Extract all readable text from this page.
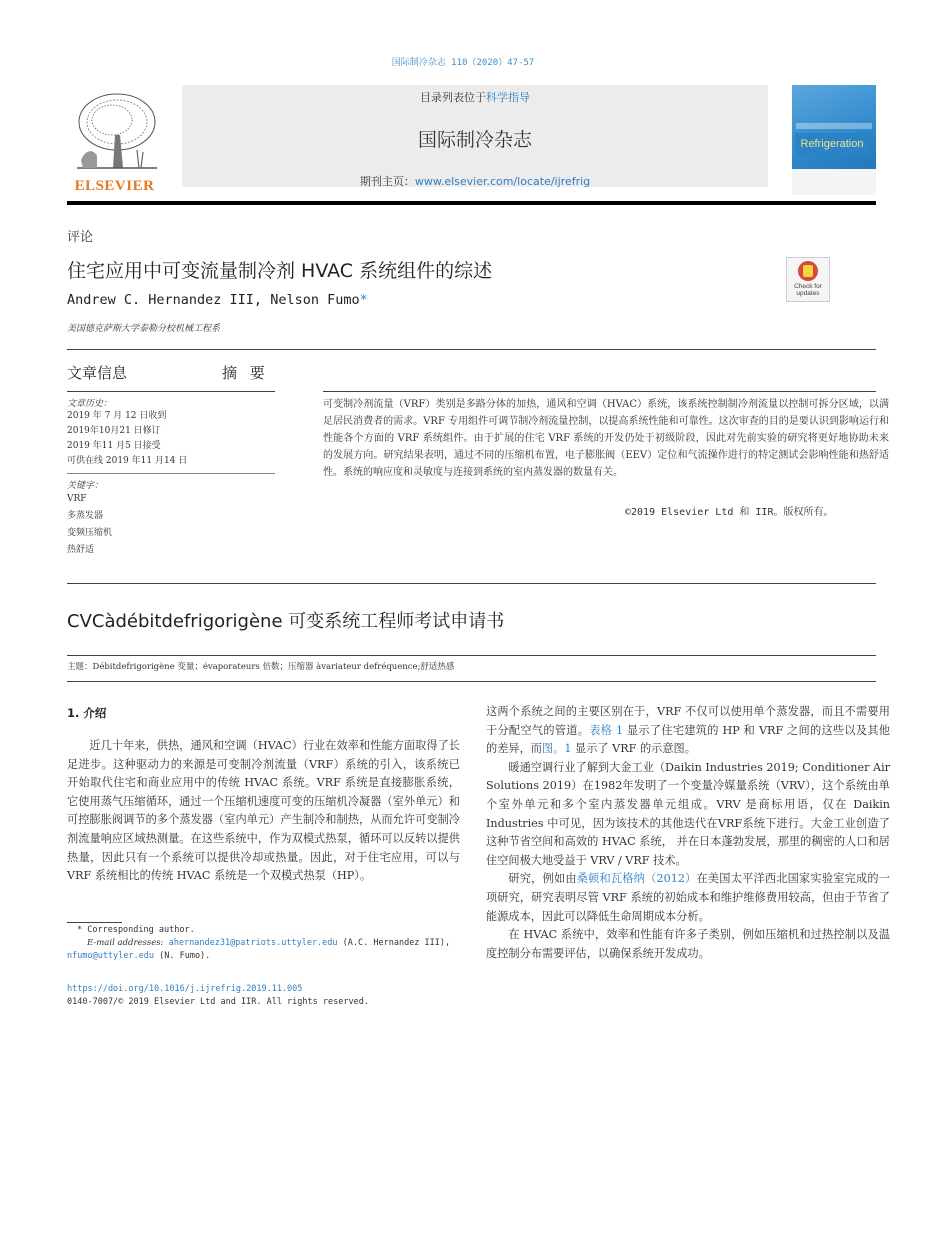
国际制冷杂志 110（2020）47-57
ELSEVIER
目录列表位于科学指导
国际制冷杂志
期刊主页：www.elsevier.com/locate/ijrefrig
Refrigeration
评论
住宅应用中可变流量制冷剂 HVAC 系统组件的综述
Andrew C. Hernandez III, Nelson Fumo*
美国德克萨斯大学泰勒分校机械工程系
Check for
updates
文章信息	摘 要
文章历史：
2019 年 7 月 12 日收到
2019年10月21 日修订
2019 年11 月5 日接受
可供在线 2019 年11 月14 日
关键字：
VRF
多蒸发器
变频压缩机
热舒适
可变制冷剂流量（VRF）类别是多路分体的加热，通风和空调（HVAC）系统，该系统控制制冷剂流量以控制可拆分区域，以满足居民消费者的需求。VRF 专用组件可调节制冷剂流量控制，以提高系统性能和可靠性。这次审查的目的是要认识到影响运行和性能各个方面的 VRF 系统组件。由于扩展的住宅 VRF 系统的开发仍处于初级阶段，因此对先前实验的研究将更好地协助未来的发展方向。研究结果表明，通过不同的压缩机布置，电子膨胀阀（EEV）定位和气流操作进行的特定测试会影响性能和热舒适性。系统的响应度和灵敏度与连接到系统的室内蒸发器的数量有关。
©2019 Elsevier Ltd 和 IIR。版权所有。
CVCàdébitdefrigorigène 可变系统工程师考试申请书
主题：Débitdefrigorigène 变量；évaporateurs 倍数；压缩器 àvariateur defréquence;舒适热感
1. 介绍

近几十年来，供热，通风和空调（HVAC）行业在效率和性能方面取得了长足进步。这种驱动力的来源是可变制冷剂流量（VRF）系统的引入，该系统已开始取代住宅和商业应用中的传统 HVAC 系统。VRF 系统是直接膨胀系统，它使用蒸气压缩循环，通过一个压缩机速度可变的压缩机冷凝器（室外单元）和可控膨胀阀调节的多个蒸发器（室内单元）产生制冷和制热，从而允许可变制冷剂流量响应区域热测量。在这些系统中，作为双模式热泵，循环可以反转以提供热量，因此只有一个系统可以提供冷却或热量。因此，对于住宅应用，可以与 VRF 系统相比的传统 HVAC 系统是一个双模式热泵（HP）。

这两个系统之间的主要区别在于，VRF 不仅可以使用单个蒸发器，而且不需要用于分配空气的管道。表格 1 显示了住宅建筑的 HP 和 VRF 之间的这些以及其他的差异，而图。1 显示了 VRF 的示意图。

暖通空调行业了解到大金工业（Daikin Industries 2019; Conditioner Air Solutions 2019）在1982年发明了一个变量冷媒量系统（VRV），这个系统由单个室外单元和多个室内蒸发器单元组成。VRV 是商标用语，仅在 Daikin Industries 中可见，因为该技术的其他迭代在VRF系统下进行。大金工业创造了这种节省空间和高效的 HVAC 系统， 并在日本蓬勃发展，那里的稠密的人口和居住空间极大地受益于 VRV / VRF 技术。

研究，例如由桑顿和瓦格纳（2012）在美国太平洋西北国家实验室完成的一项研究，研究表明尽管 VRF 系统的初始成本和维护维修费用较高，但由于节省了能源成本，因此可以降低生命周期成本分析。

在 HVAC 系统中，效率和性能有许多子类别，例如压缩机和过热控制以及温度控制分布需要评估，以确保系统开发成功。

* Corresponding author.
E-mail addresses: ahernandez31@patriots.uttyler.edu (A.C. Hernandez III),
nfumo@uttyler.edu (N. Fumo).
https://doi.org/10.1016/j.ijrefrig.2019.11.005
0140-7007/© 2019 Elsevier Ltd and IIR. All rights reserved.
